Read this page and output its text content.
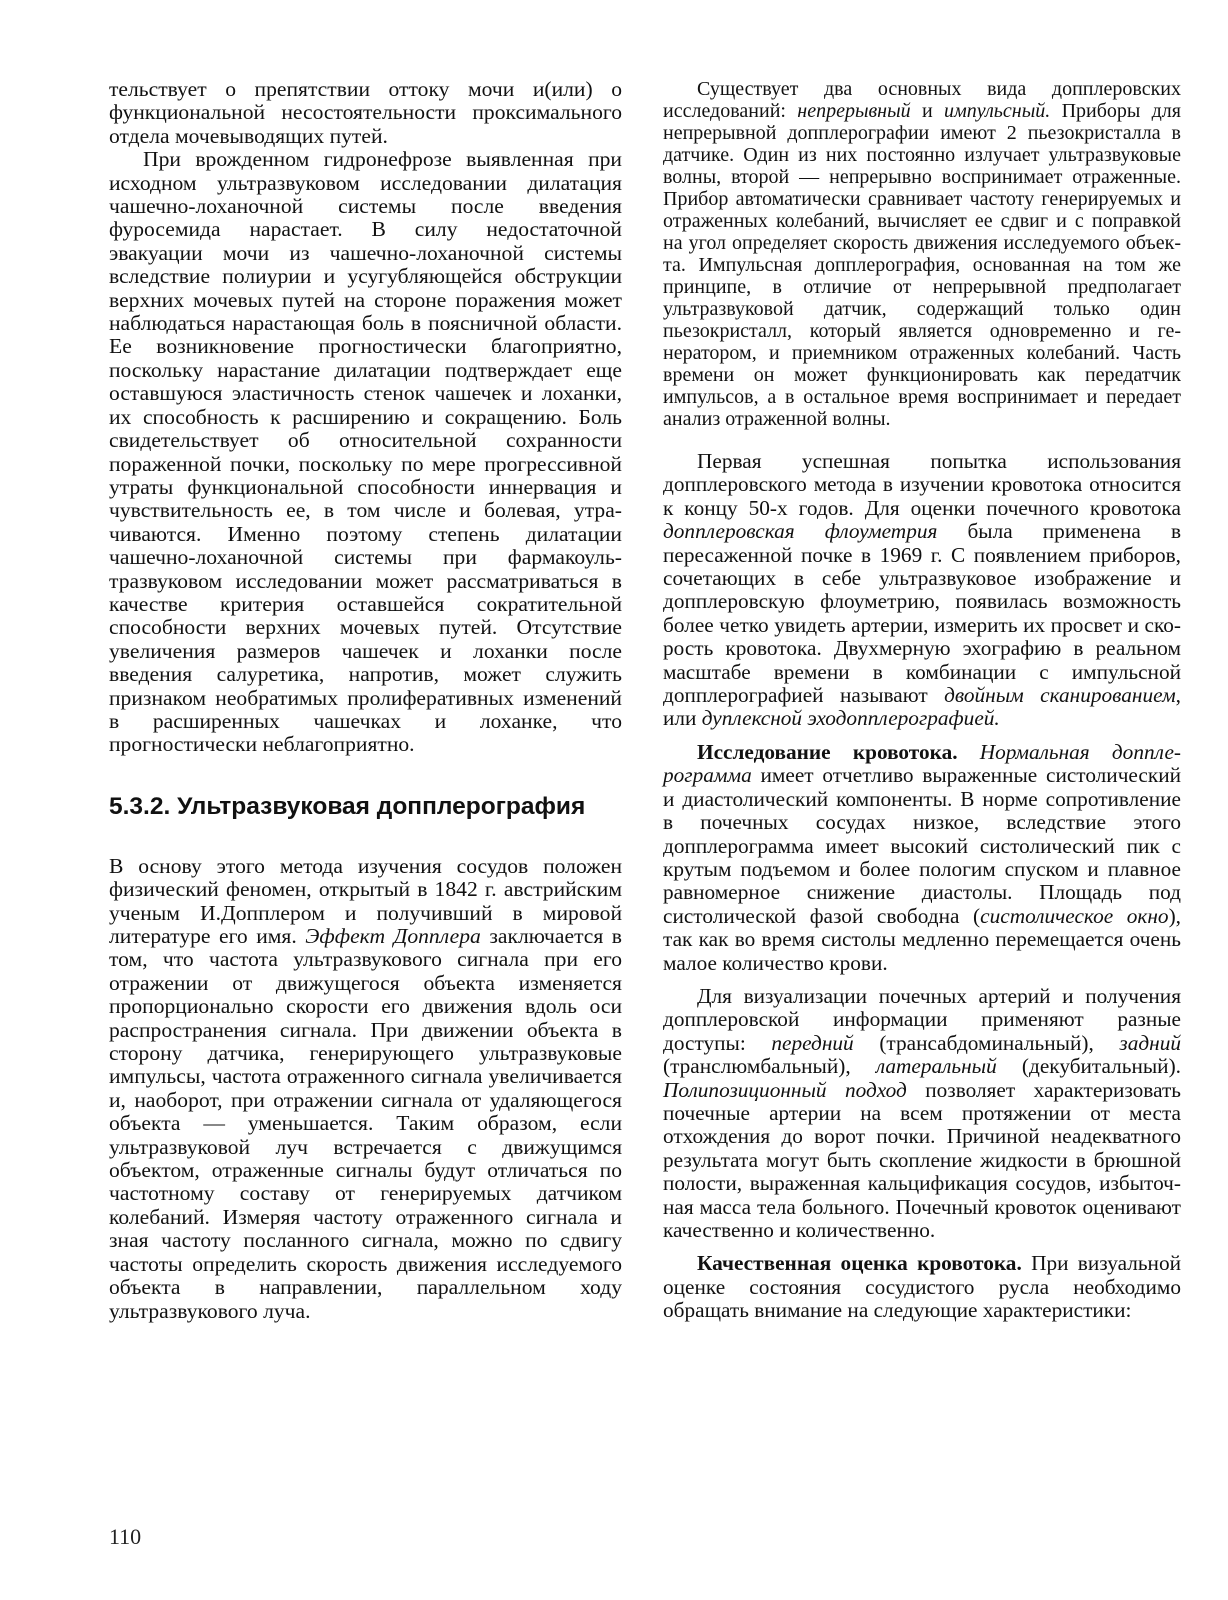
тельствует о препятствии оттоку мочи и(или) о функциональной несостоятельности проксимального отдела мочевыводящих путей.

При врожденном гидронефрозе выявленная при исходном ультразвуковом исследовании дилатация чашечно-лоханочной системы после введения фуросемида нарастает. В силу недостаточной эвакуации мочи из чашечно-лоханочной системы вследствие полиурии и усугубляющейся обструкции верхних мочевых путей на стороне поражения может наблюдаться нарастающая боль в поясничной области. Ее возникновение прогностически благоприятно, поскольку нарастание дилатации подтверждает еще оставшуюся эластичность стенок чашечек и лоханки, их способность к расширению и сокращению. Боль свидетельствует об относительной сохранности пораженной почки, поскольку по мере прогрессивной утраты функциональной способности иннервация и чувствительность ее, в том числе и болевая, утрачиваются. Именно поэтому степень дилатации чашечно-лоханочной системы при фармакоультразвуковом исследовании может рассматриваться в качестве критерия оставшейся сократительной способности верхних мочевых путей. Отсутствие увеличения размеров чашечек и лоханки после введения салуретика, напротив, может служить признаком необратимых пролиферативных изменений в расширенных чашечках и лоханке, что прогностически неблагоприятно.

5.3.2. Ультразвуковая допплерография

В основу этого метода изучения сосудов положен физический феномен, открытый в 1842 г. австрийским ученым И.Допплером и получивший в мировой литературе его имя. Эффект Допплера заключается в том, что частота ультразвукового сигнала при его отражении от движущегося объекта изменяется пропорционально скорости его движения вдоль оси распространения сигнала. При движении объекта в сторону датчика, генерирующего ультразвуковые импульсы, частота отраженного сигнала увеличивается и, наоборот, при отражении сигнала от удаляющегося объекта — уменьшается. Таким образом, если ультразвуковой луч встречается с движущимся объектом, отраженные сигналы будут отличаться по частотному составу от генерируемых датчиком колебаний. Измеряя частоту отраженного сигнала и зная частоту посланного сигнала, можно по сдвигу частоты определить скорость движения исследуемого объекта в направлении, параллельном ходу ультразвукового луча.

Существует два основных вида допплеровских исследований: непрерывный и импульсный. Приборы для непрерывной допплерографии имеют 2 пьезокристалла в датчике. Один из них постоянно излучает ультразвуковые волны, второй — непрерывно воспринимает отраженные. Прибор автоматически сравнивает частоту генерируемых и отраженных колебаний, вычисляет ее сдвиг и с поправкой на угол определяет скорость движения исследуемого объекта. Импульсная допплерография, основанная на том же принципе, в отличие от непрерывной предполагает ультразвуковой датчик, содержащий только один пьезокристалл, который является одновременно и генератором, и приемником отраженных колебаний. Часть времени он может функционировать как передатчик импульсов, а в остальное время воспринимает и передает анализ отраженной волны.

Первая успешная попытка использования допплеровского метода в изучении кровотока относится к концу 50-х годов. Для оценки почечного кровотока допплеровская флоуметрия была применена в пересаженной почке в 1969 г. С появлением приборов, сочетающих в себе ультразвуковое изображение и допплеровскую флоуметрию, появилась возможность более четко увидеть артерии, измерить их просвет и скорость кровотока. Двухмерную эхографию в реальном масштабе времени в комбинации с импульсной допплерографией называют двойным сканированием, или дуплексной эходопплерографией.

Исследование кровотока. Нормальная допплерограмма имеет отчетливо выраженные систолический и диастолический компоненты. В норме сопротивление в почечных сосудах низкое, вследствие этого допплерограмма имеет высокий систолический пик с крутым подъемом и более пологим спуском и плавное равномерное снижение диастолы. Площадь под систолической фазой свободна (систолическое окно), так как во время систолы медленно перемещается очень малое количество крови.

Для визуализации почечных артерий и получения допплеровской информации применяют разные доступы: передний (трансабдоминальный), задний (транслюмбальный), латеральный (декубитальный). Полипозиционный подход позволяет характеризовать почечные артерии на всем протяжении от места отхождения до ворот почки. Причиной неадекватного результата могут быть скопление жидкости в брюшной полости, выраженная кальцификация сосудов, избыточная масса тела больного. Почечный кровоток оценивают качественно и количественно.

Качественная оценка кровотока. При визуальной оценке состояния сосудистого русла необходимо обращать внимание на следующие характеристики:

110
